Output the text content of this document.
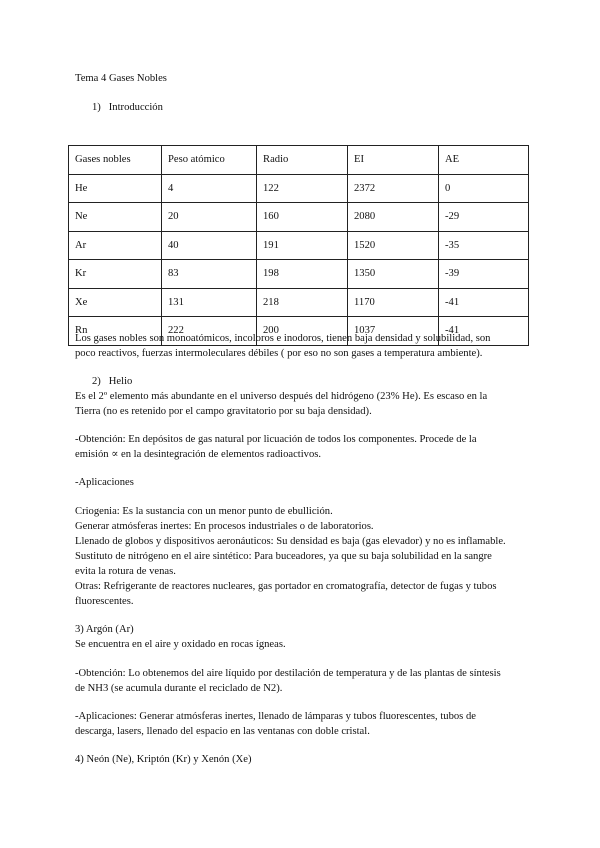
Tema 4 Gases Nobles
1)   Introducción
Gases nobles	Peso atómico	Radio	EI	AE
He	4	122	2372	0
Ne	20	160	2080	-29
Ar	40	191	1520	-35
Kr	83	198	1350	-39
Xe	131	218	1170	-41
Rn	222	200	1037	-41
Los gases nobles son monoatómicos, incoloros e inodoros, tienen baja densidad y solubilidad, son
poco reactivos, fuerzas intermoleculares débiles ( por eso no son gases a temperatura ambiente).
2)   Helio
Es el 2º elemento más abundante en el universo después del hidrógeno (23% He). Es escaso en la
Tierra (no es retenido por el campo gravitatorio por su baja densidad).
-Obtención: En depósitos de gas natural por licuación de todos los componentes. Procede de la
emisión ∝ en la desintegración de elementos radioactivos.
-Aplicaciones
Criogenia: Es la sustancia con un menor punto de ebullición.
Generar atmósferas inertes: En procesos industriales o de laboratorios.
Llenado de globos y dispositivos aeronáuticos: Su densidad es baja (gas elevador) y no es inflamable.
Sustituto de nitrógeno en el aire sintético: Para buceadores, ya que su baja solubilidad en la sangre
evita la rotura de venas.
Otras: Refrigerante de reactores nucleares, gas portador en cromatografía, detector de fugas y tubos
fluorescentes.
3) Argón (Ar)
Se encuentra en el aire y oxidado en rocas ígneas.
-Obtención: Lo obtenemos del aire líquido por destilación de temperatura y de las plantas de síntesis
de NH3 (se acumula durante el reciclado de N2).
-Aplicaciones: Generar atmósferas inertes, llenado de lámparas y tubos fluorescentes, tubos de
descarga, lasers, llenado del espacio en las ventanas con doble cristal.
4) Neón (Ne), Kriptón (Kr) y Xenón (Xe)
